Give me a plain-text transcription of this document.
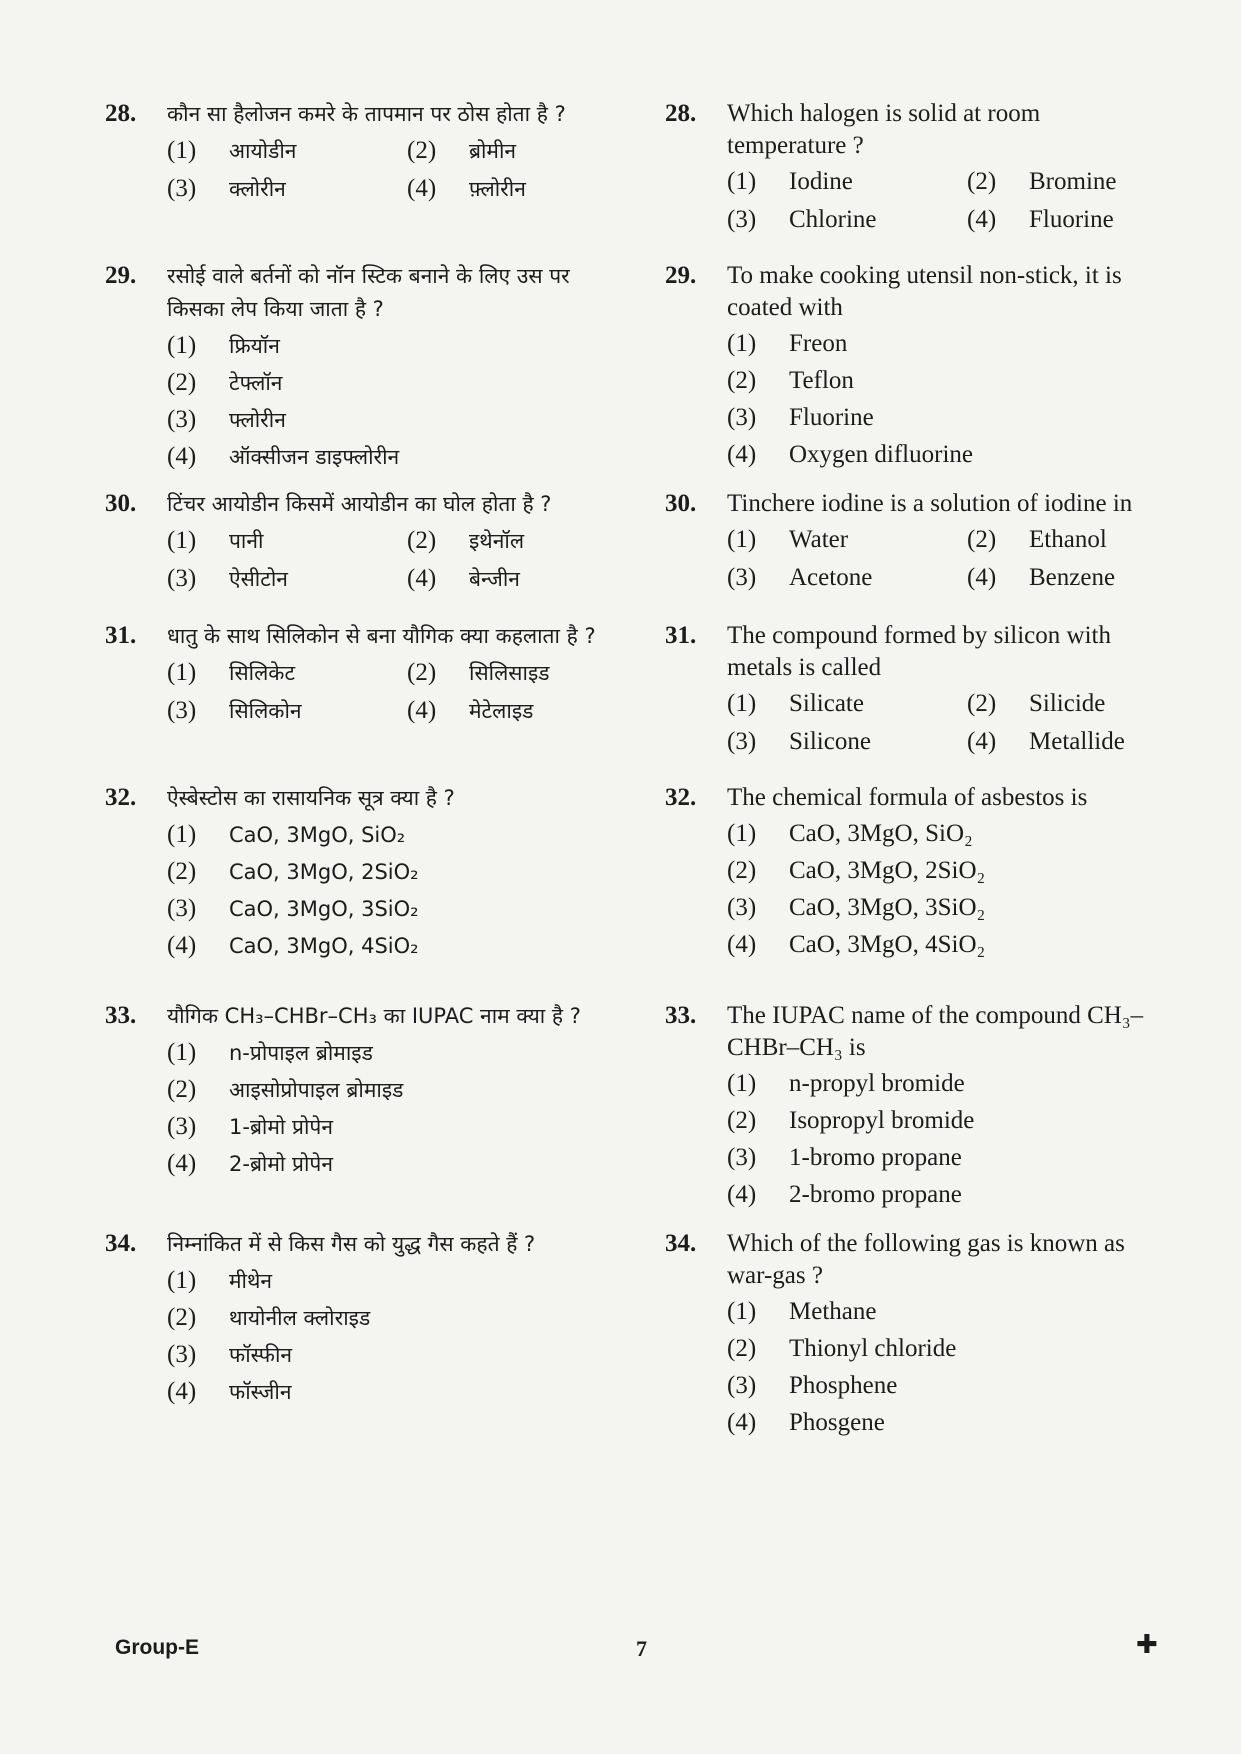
28. कौन सा हैलोजन कमरे के तापमान पर ठोस होता है ?
(1)	आयोडीन	(2)	ब्रोमीन
(3)	क्लोरीन	(4)	फ़्लोरीन
29. रसोई वाले बर्तनों को नॉन स्टिक बनाने के लिए उस पर किसका लेप किया जाता है ?
(1)	फ्रियॉन
(2)	टेफ्लॉन
(3)	फ्लोरीन
(4)	ऑक्सीजन डाइफ्लोरीन
30. टिंचर आयोडीन किसमें आयोडीन का घोल होता है ?
(1)	पानी	(2)	इथेनॉल
(3)	ऐसीटोन	(4)	बेन्जीन
31. धातु के साथ सिलिकोन से बना यौगिक क्या कहलाता है ?
(1)	सिलिकेट	(2)	सिलिसाइड
(3)	सिलिकोन	(4)	मेटेलाइड
32. ऐस्बेस्टोस का रासायनिक सूत्र क्या है ?
(1)	CaO, 3MgO, SiO₂
(2)	CaO, 3MgO, 2SiO₂
(3)	CaO, 3MgO, 3SiO₂
(4)	CaO, 3MgO, 4SiO₂
33. यौगिक CH₃–CHBr–CH₃ का IUPAC नाम क्या है ?
(1)	n-प्रोपाइल ब्रोमाइड
(2)	आइसोप्रोपाइल ब्रोमाइड
(3)	1-ब्रोमो प्रोपेन
(4)	2-ब्रोमो प्रोपेन
34. निम्नांकित में से किस गैस को युद्ध गैस कहते हैं ?
(1)	मीथेन
(2)	थायोनील क्लोराइड
(3)	फॉस्फीन
(4)	फॉस्जीन
28. Which halogen is solid at room temperature ?
(1)	Iodine	(2)	Bromine
(3)	Chlorine	(4)	Fluorine
29. To make cooking utensil non-stick, it is coated with
(1)	Freon
(2)	Teflon
(3)	Fluorine
(4)	Oxygen difluorine
30. Tinchere iodine is a solution of iodine in
(1)	Water	(2)	Ethanol
(3)	Acetone	(4)	Benzene
31. The compound formed by silicon with metals is called
(1)	Silicate	(2)	Silicide
(3)	Silicone	(4)	Metallide
32. The chemical formula of asbestos is
(1)	CaO, 3MgO, SiO₂
(2)	CaO, 3MgO, 2SiO₂
(3)	CaO, 3MgO, 3SiO₂
(4)	CaO, 3MgO, 4SiO₂
33. The IUPAC name of the compound CH₃–CHBr–CH₃ is
(1)	n-propyl bromide
(2)	Isopropyl bromide
(3)	1-bromo propane
(4)	2-bromo propane
34. Which of the following gas is known as war-gas ?
(1)	Methane
(2)	Thionyl chloride
(3)	Phosphene
(4)	Phosgene
Group-E	7	✚
